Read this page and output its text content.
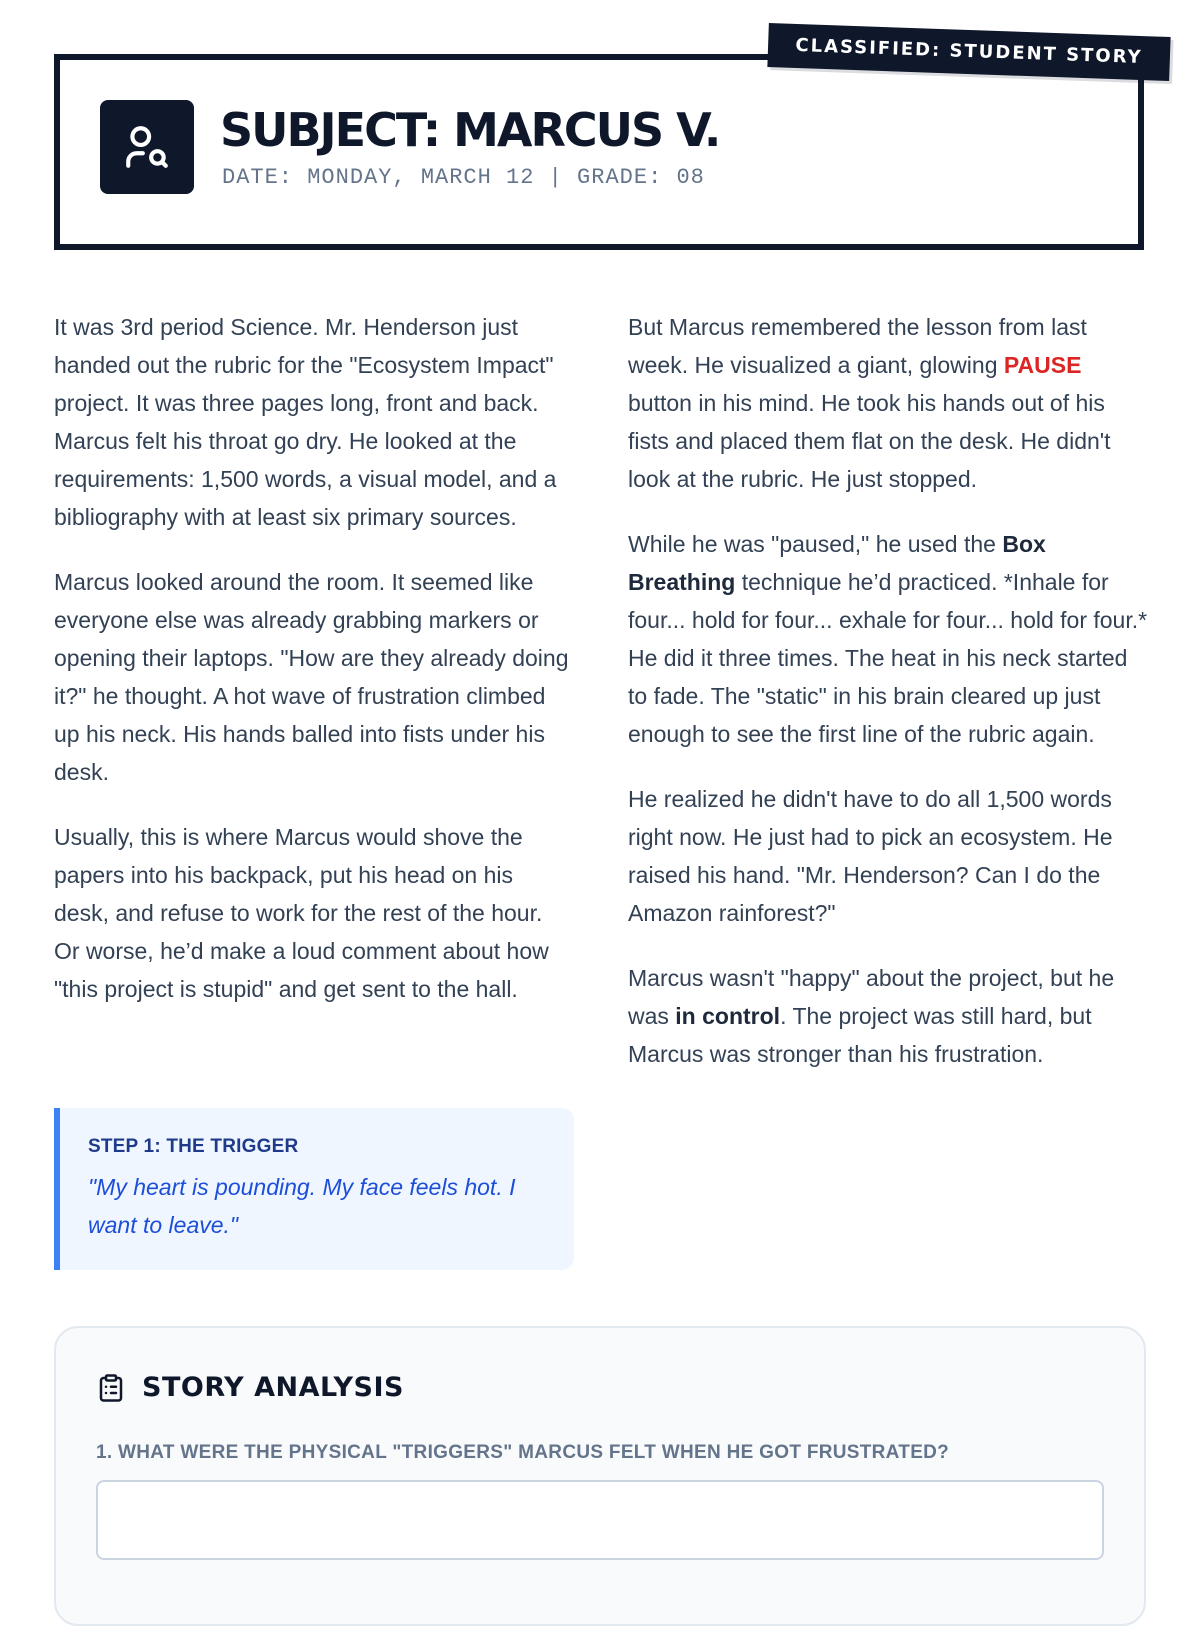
CLASSIFIED: STUDENT STORY
SUBJECT: MARCUS V.
DATE: MONDAY, MARCH 12 | GRADE: 08

It was 3rd period Science. Mr. Henderson just handed out the rubric for the "Ecosystem Impact" project. It was three pages long, front and back. Marcus felt his throat go dry. He looked at the requirements: 1,500 words, a visual model, and a bibliography with at least six primary sources.

Marcus looked around the room. It seemed like everyone else was already grabbing markers or opening their laptops. "How are they already doing it?" he thought. A hot wave of frustration climbed up his neck. His hands balled into fists under his desk.

Usually, this is where Marcus would shove the papers into his backpack, put his head on his desk, and refuse to work for the rest of the hour. Or worse, he’d make a loud comment about how "this project is stupid" and get sent to the hall.

STEP 1: THE TRIGGER
"My heart is pounding. My face feels hot. I want to leave."

But Marcus remembered the lesson from last week. He visualized a giant, glowing PAUSE button in his mind. He took his hands out of his fists and placed them flat on the desk. He didn't look at the rubric. He just stopped.

While he was "paused," he used the Box Breathing technique he’d practiced. *Inhale for four... hold for four... exhale for four... hold for four.* He did it three times. The heat in his neck started to fade. The "static" in his brain cleared up just enough to see the first line of the rubric again.

He realized he didn't have to do all 1,500 words right now. He just had to pick an ecosystem. He raised his hand. "Mr. Henderson? Can I do the Amazon rainforest?"

Marcus wasn't "happy" about the project, but he was in control. The project was still hard, but Marcus was stronger than his frustration.

STORY ANALYSIS
1. WHAT WERE THE PHYSICAL "TRIGGERS" MARCUS FELT WHEN HE GOT FRUSTRATED?
